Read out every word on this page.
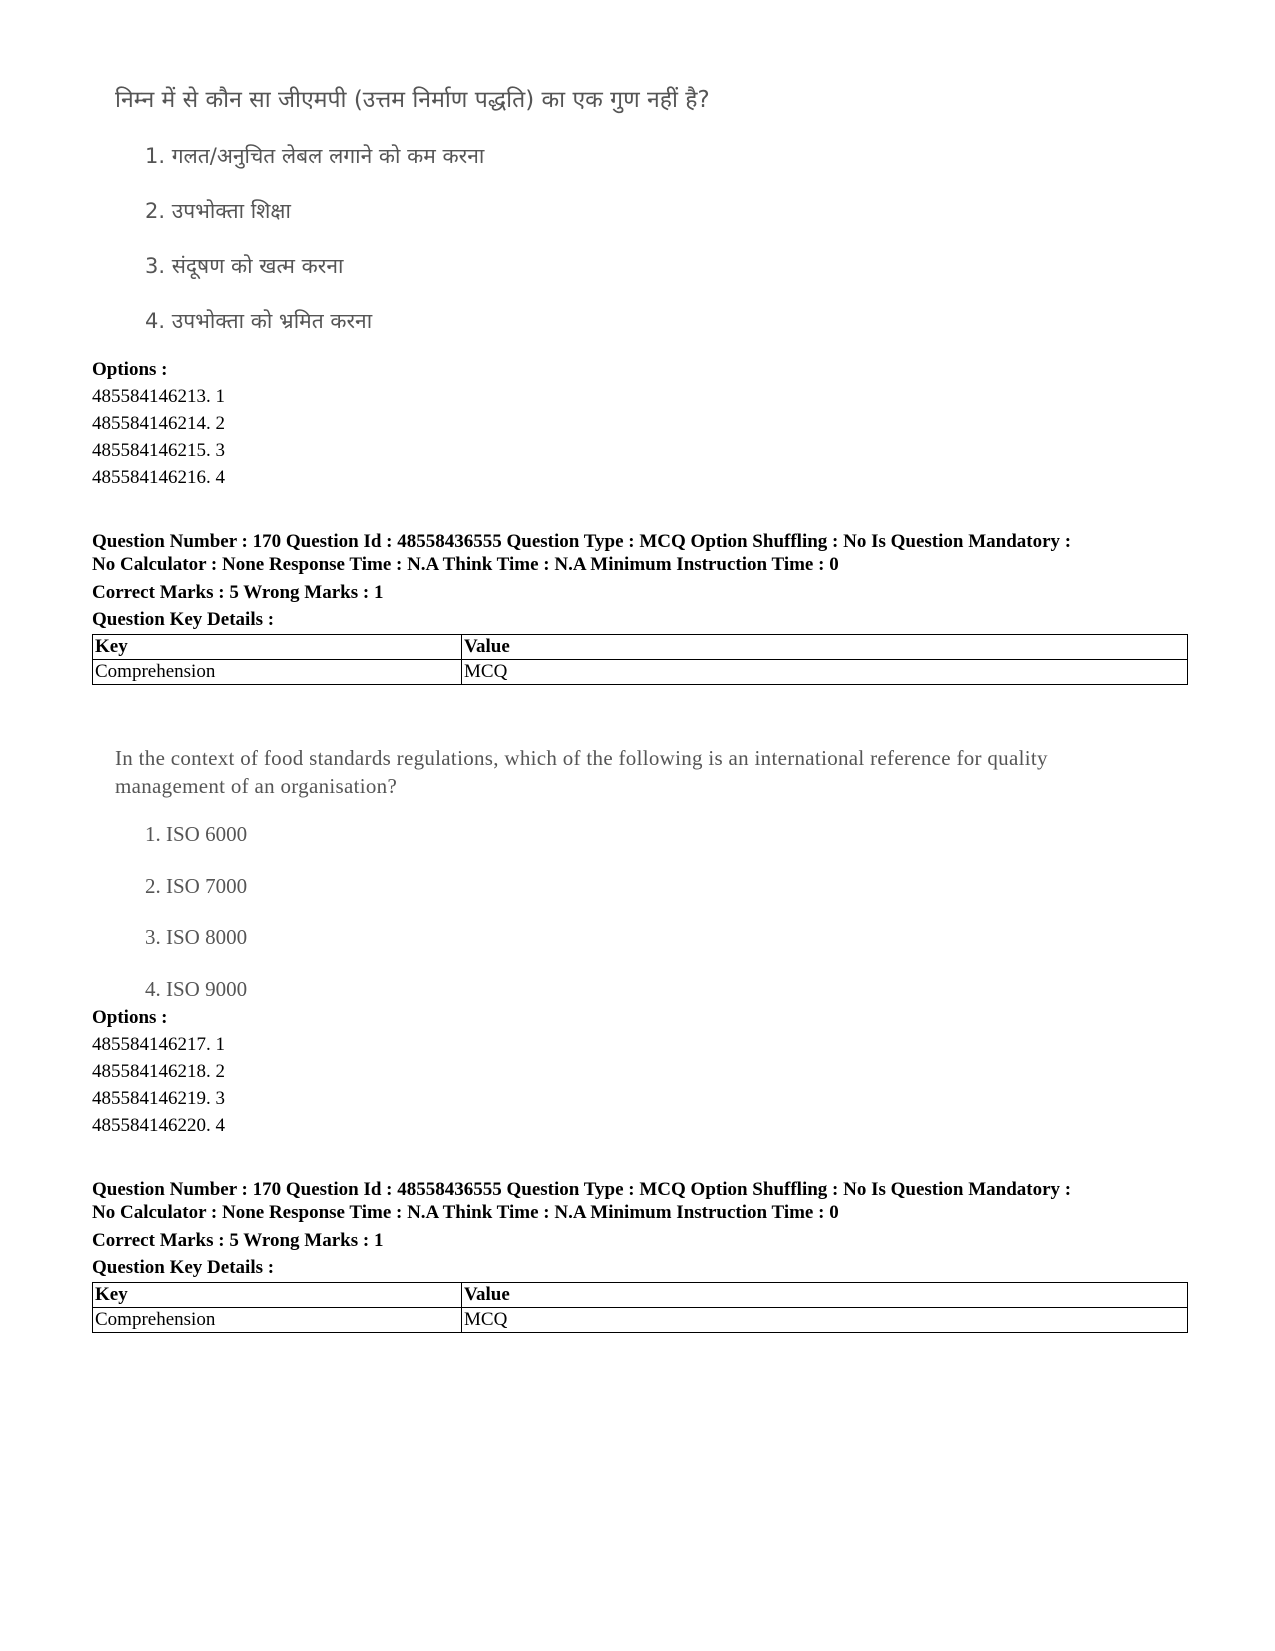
निम्न में से कौन सा जीएमपी (उत्तम निर्माण पद्धति) का एक गुण नहीं है?

1. गलत/अनुचित लेबल लगाने को कम करना
2. उपभोक्ता शिक्षा
3. संदूषण को खत्म करना
4. उपभोक्ता को भ्रमित करना
Options :
485584146213. 1
485584146214. 2
485584146215. 3
485584146216. 4

Question Number : 170 Question Id : 48558436555 Question Type : MCQ Option Shuffling : No Is Question Mandatory :
No Calculator : None Response Time : N.A Think Time : N.A Minimum Instruction Time : 0

Correct Marks : 5 Wrong Marks : 1
Question Key Details :
Key	Value
Comprehension	MCQ

In the context of food standards regulations, which of the following is an international reference for quality
management of an organisation?

1. ISO 6000
2. ISO 7000
3. ISO 8000
4. ISO 9000
Options :
485584146217. 1
485584146218. 2
485584146219. 3
485584146220. 4

Question Number : 170 Question Id : 48558436555 Question Type : MCQ Option Shuffling : No Is Question Mandatory :
No Calculator : None Response Time : N.A Think Time : N.A Minimum Instruction Time : 0

Correct Marks : 5 Wrong Marks : 1
Question Key Details :
Key	Value
Comprehension	MCQ
